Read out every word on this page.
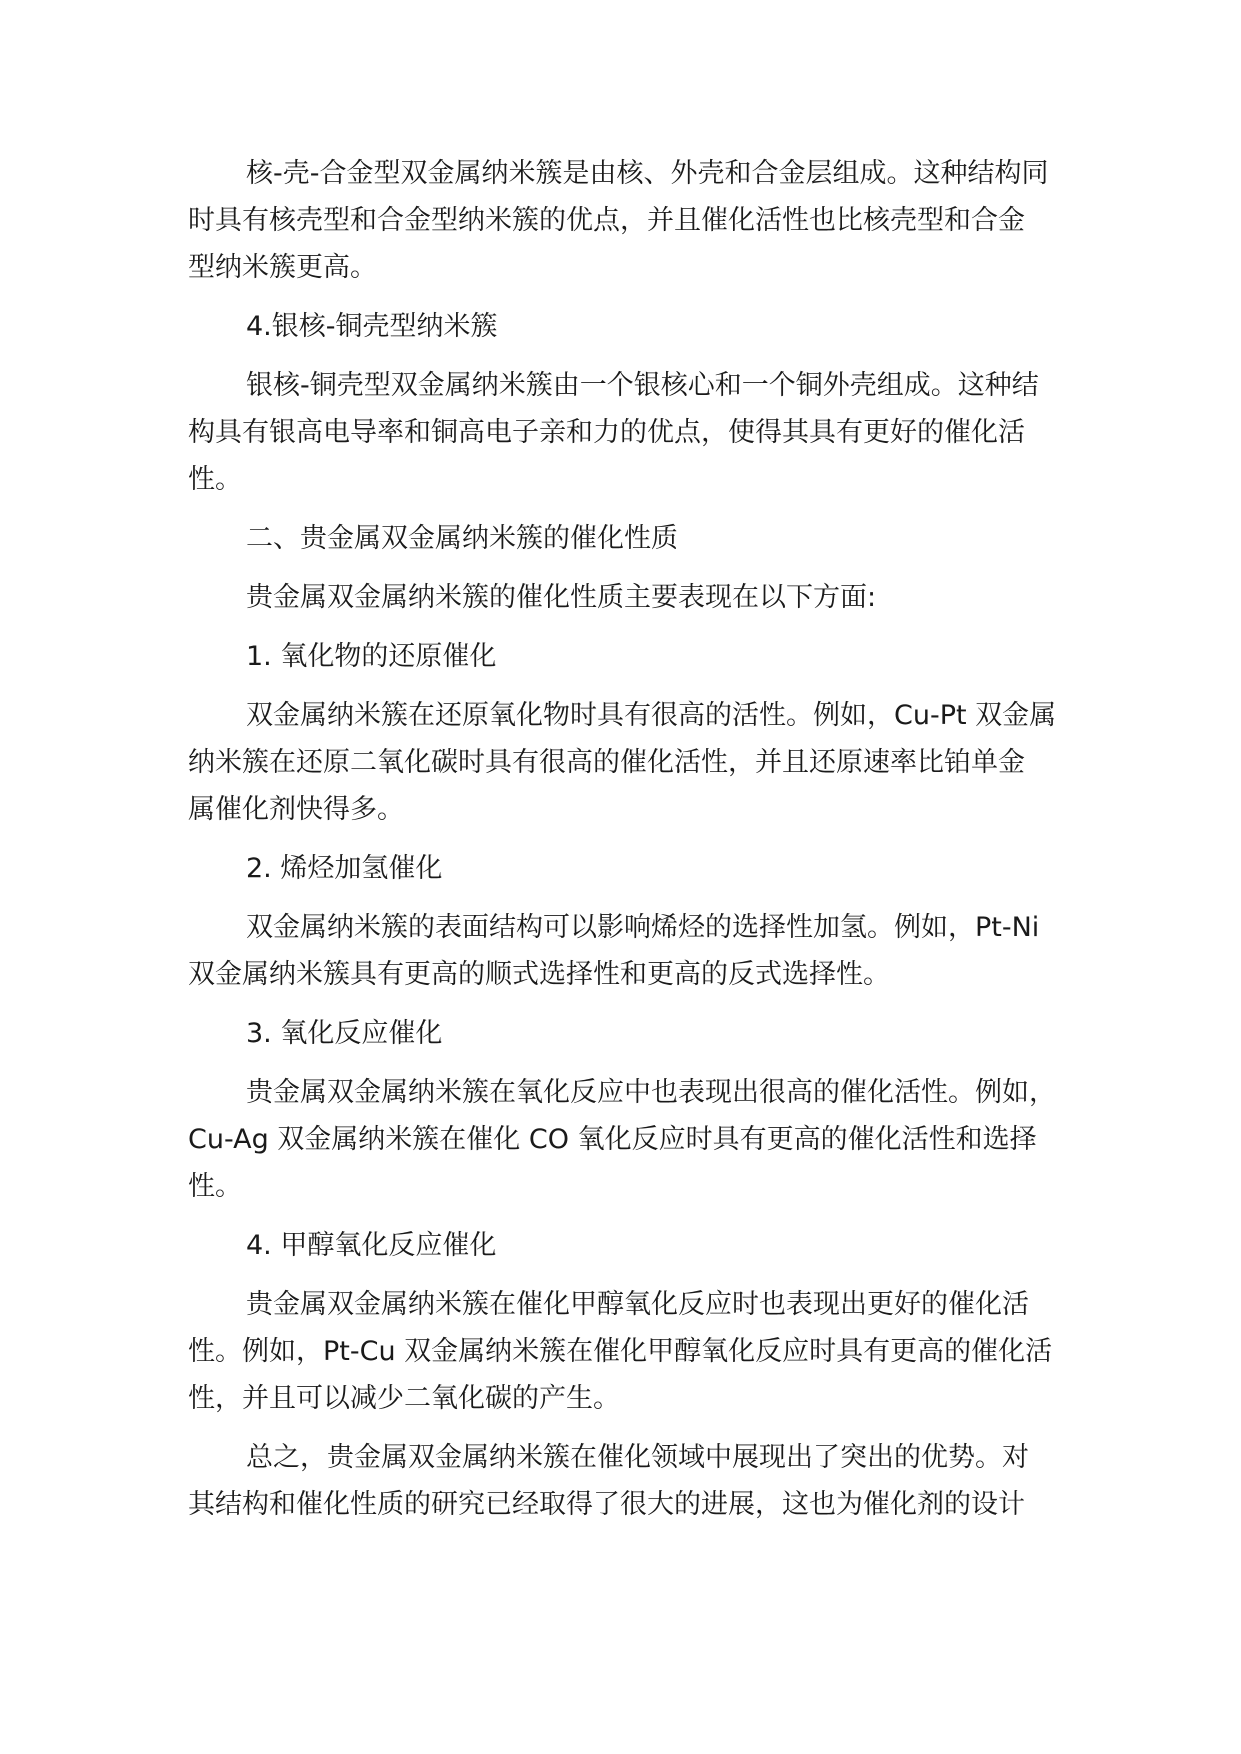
核-壳-合金型双金属纳米簇是由核、外壳和合金层组成。这种结构同
时具有核壳型和合金型纳米簇的优点，并且催化活性也比核壳型和合金
型纳米簇更高。
4.银核-铜壳型纳米簇
银核-铜壳型双金属纳米簇由一个银核心和一个铜外壳组成。这种结
构具有银高电导率和铜高电子亲和力的优点，使得其具有更好的催化活
性。
二、贵金属双金属纳米簇的催化性质
贵金属双金属纳米簇的催化性质主要表现在以下方面:
1. 氧化物的还原催化
双金属纳米簇在还原氧化物时具有很高的活性。例如，Cu-Pt 双金属
纳米簇在还原二氧化碳时具有很高的催化活性，并且还原速率比铂单金
属催化剂快得多。
2. 烯烃加氢催化
双金属纳米簇的表面结构可以影响烯烃的选择性加氢。例如，Pt-Ni
双金属纳米簇具有更高的顺式选择性和更高的反式选择性。
3. 氧化反应催化
贵金属双金属纳米簇在氧化反应中也表现出很高的催化活性。例如，
Cu-Ag 双金属纳米簇在催化 CO 氧化反应时具有更高的催化活性和选择性。
4. 甲醇氧化反应催化
贵金属双金属纳米簇在催化甲醇氧化反应时也表现出更好的催化活
性。例如，Pt-Cu 双金属纳米簇在催化甲醇氧化反应时具有更高的催化活
性，并且可以减少二氧化碳的产生。
总之，贵金属双金属纳米簇在催化领域中展现出了突出的优势。对
其结构和催化性质的研究已经取得了很大的进展，这也为催化剂的设计
